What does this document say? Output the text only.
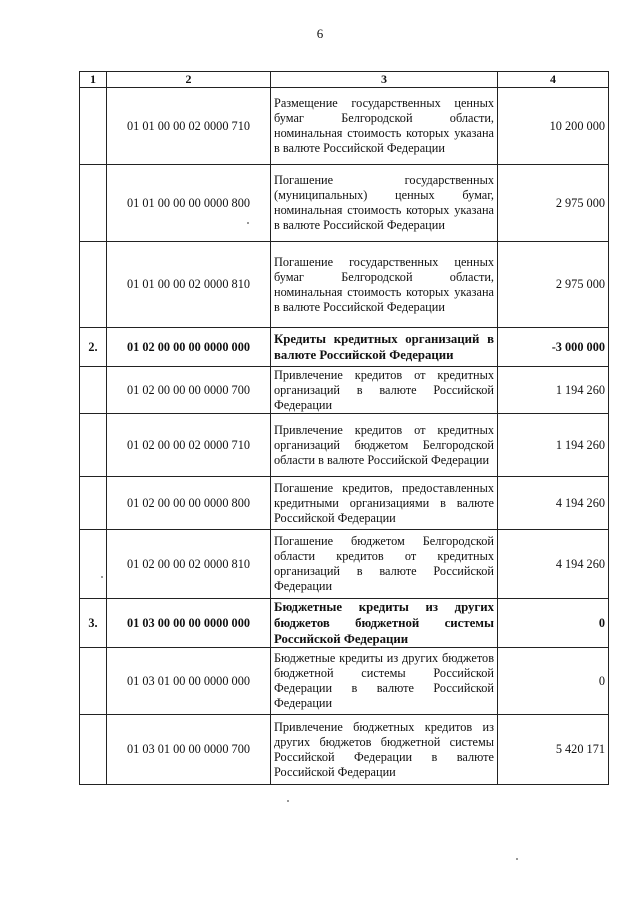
6
1	2	3	4
	01 01 00 00 02 0000 710	Размещение государственных ценных бумаг Белгородской области, номинальная стоимость которых указана в валюте Российской Федерации	10 200 000
	01 01 00 00 00 0000 800	Погашение государственных (муниципальных) ценных бумаг, номинальная стоимость которых указана в валюте Российской Федерации	2 975 000
	01 01 00 00 02 0000 810	Погашение государственных ценных бумаг Белгородской области, номинальная стоимость которых указана в валюте Российской Федерации	2 975 000
2.	01 02 00 00 00 0000 000	Кредиты кредитных организаций в валюте Российской Федерации	-3 000 000
	01 02 00 00 00 0000 700	Привлечение кредитов от кредитных организаций в валюте Российской Федерации	1 194 260
	01 02 00 00 02 0000 710	Привлечение кредитов от кредитных организаций бюджетом Белгородской области в валюте Российской Федерации	1 194 260
	01 02 00 00 00 0000 800	Погашение кредитов, предоставленных кредитными организациями в валюте Российской Федерации	4 194 260
	01 02 00 00 02 0000 810	Погашение бюджетом Белгородской области кредитов от кредитных организаций в валюте Российской Федерации	4 194 260
3.	01 03 00 00 00 0000 000	Бюджетные кредиты из других бюджетов бюджетной системы Российской Федерации	0
	01 03 01 00 00 0000 000	Бюджетные кредиты из других бюджетов бюджетной системы Российской Федерации в валюте Российской Федерации	0
	01 03 01 00 00 0000 700	Привлечение бюджетных кредитов из других бюджетов бюджетной системы Российской Федерации в валюте Российской Федерации	5 420 171
